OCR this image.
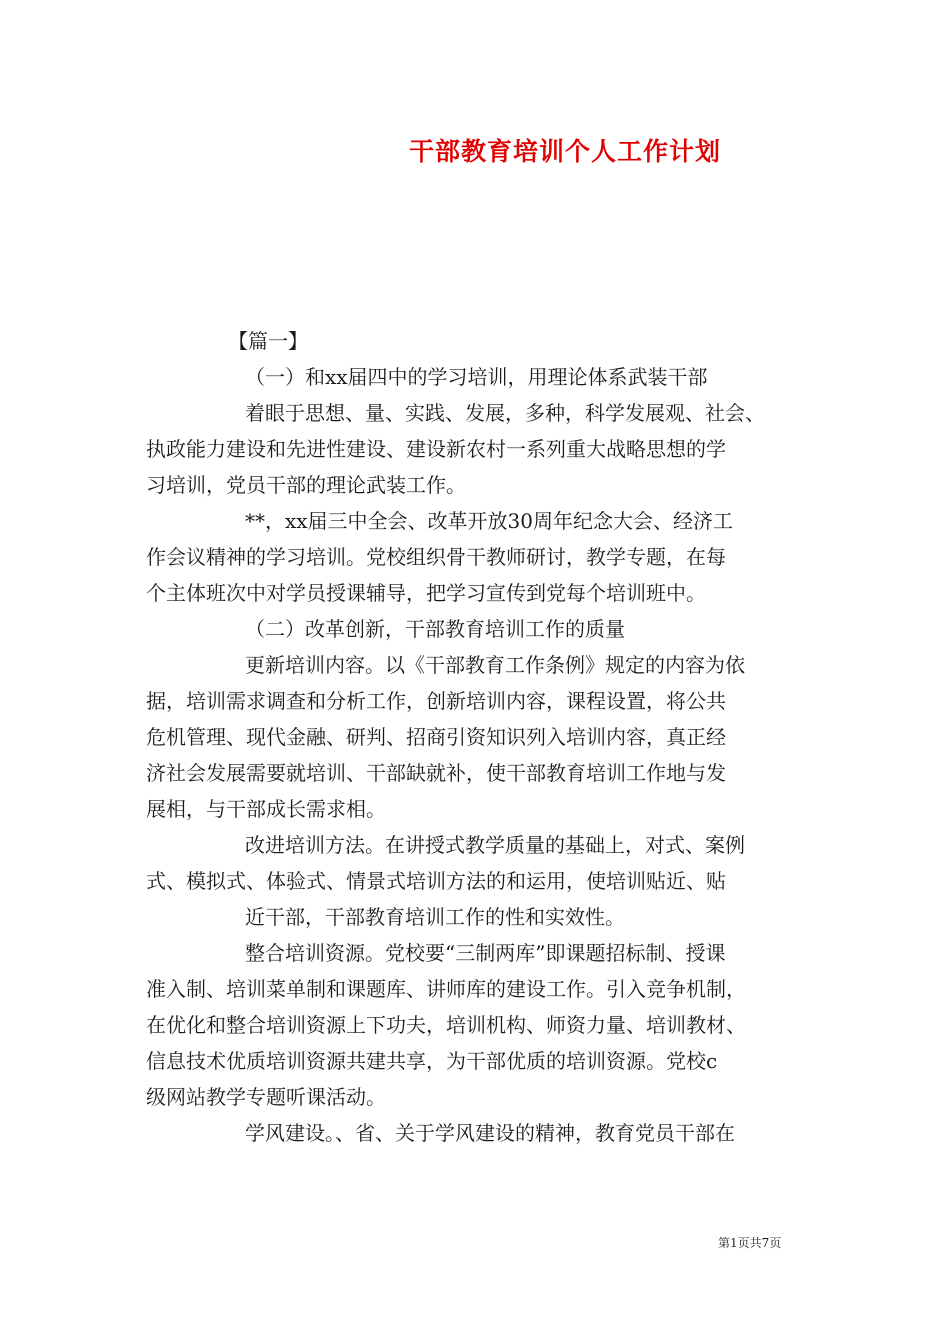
干部教育培训个人工作计划
【篇一】
（一）和xx届四中的学习培训，用理论体系武装干部
着眼于思想、量、实践、发展，多种，科学发展观、社会、
执政能力建设和先进性建设、建设新农村一系列重大战略思想的学
习培训，党员干部的理论武装工作。
**，xx届三中全会、改革开放30周年纪念大会、经济工
作会议精神的学习培训。党校组织骨干教师研讨，教学专题，在每
个主体班次中对学员授课辅导，把学习宣传到党每个培训班中。
（二）改革创新，干部教育培训工作的质量
更新培训内容。以《干部教育工作条例》规定的内容为依
据，培训需求调查和分析工作，创新培训内容，课程设置，将公共
危机管理、现代金融、研判、招商引资知识列入培训内容，真正经
济社会发展需要就培训、干部缺就补，使干部教育培训工作地与发
展相，与干部成长需求相。
改进培训方法。在讲授式教学质量的基础上，对式、案例
式、模拟式、体验式、情景式培训方法的和运用，使培训贴近、贴
近干部，干部教育培训工作的性和实效性。
整合培训资源。党校要“三制两库”即课题招标制、授课
准入制、培训菜单制和课题库、讲师库的建设工作。引入竞争机制，
在优化和整合培训资源上下功夫，培训机构、师资力量、培训教材、
信息技术优质培训资源共建共享，为干部优质的培训资源。党校c
级网站教学专题听课活动。
学风建设。、省、关于学风建设的精神，教育党员干部在
第1页共7页
